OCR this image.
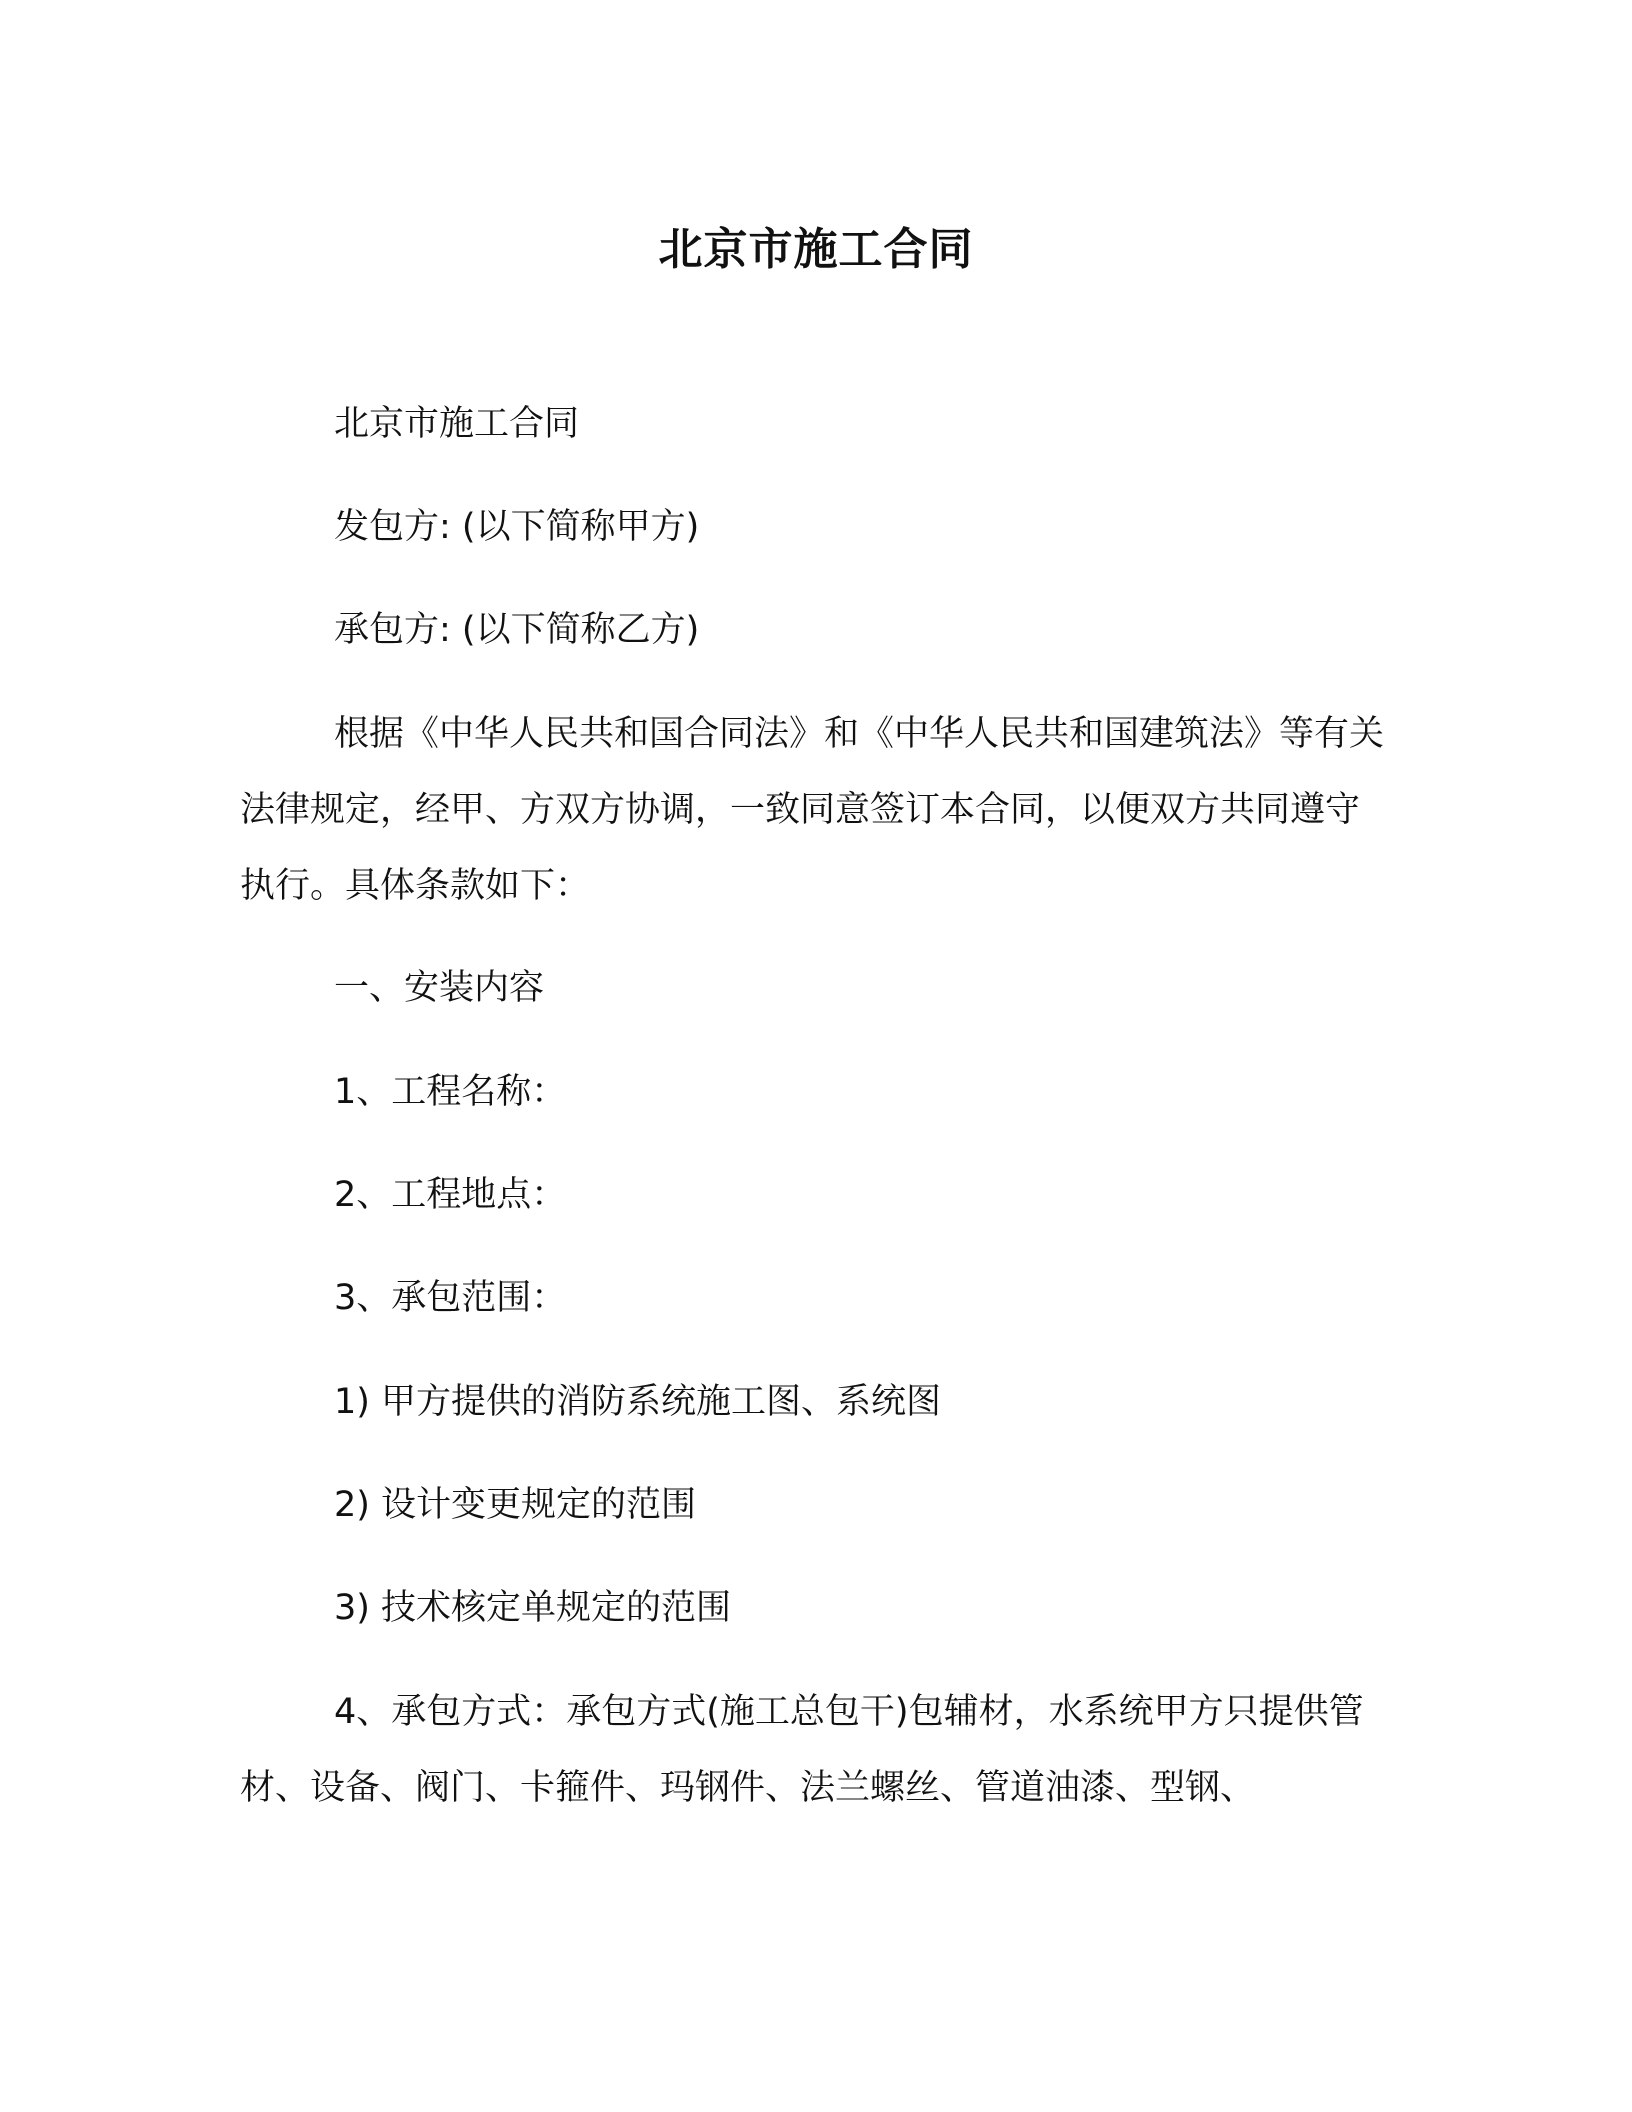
北京市施工合同

北京市施工合同

发包方: (以下简称甲方)

承包方: (以下简称乙方)

根据《中华人民共和国合同法》和《中华人民共和国建筑法》等有关法律规定，经甲、方双方协调，一致同意签订本合同，以便双方共同遵守执行。具体条款如下：

一、安装内容

1、工程名称：

2、工程地点：

3、承包范围：

1) 甲方提供的消防系统施工图、系统图

2) 设计变更规定的范围

3) 技术核定单规定的范围

4、承包方式：承包方式(施工总包干)包辅材，水系统甲方只提供管材、设备、阀门、卡箍件、玛钢件、法兰螺丝、管道油漆、型钢、
